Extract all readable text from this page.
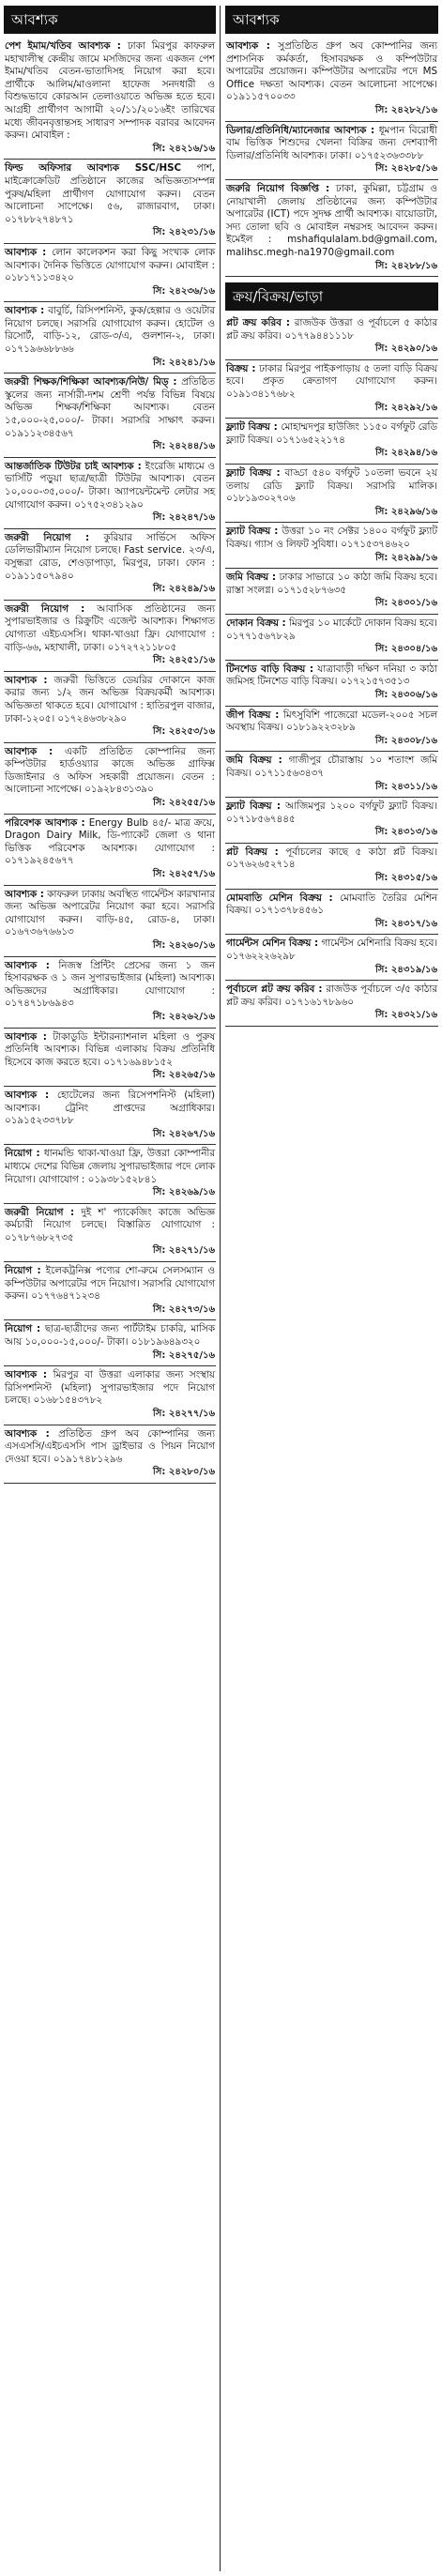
আবশ্যক
পেশ ইমাম/খতিব আবশ্যক : ঢাকা মিরপুর কাফরুল মহাখালীস্থ কেন্দ্রীয় জামে মসজিদের জন্য একজন পেশ ইমাম/খতিব বেতন-ভাতাদিসহ নিয়োগ করা হবে। প্রার্থীকে আলিম/মাওলানা হাফেজ সনদধারী ও বিশুদ্ধভাবে কোরআন তেলাওয়াতে অভিজ্ঞ হতে হবে। আগ্রহী প্রার্থীগণ আগামী ২০/১১/২০১৬ইং তারিখের মধ্যে জীবনবৃত্তান্তসহ সাধারণ সম্পাদক বরাবর আবেদন করুন। মোবাইল :
সি: ২৪২১৬/১৬
ফিল্ড অফিসার আবশ্যক SSC/HSC পাশ, মাইক্রোক্রেডিট প্রতিষ্ঠানে কাজের অভিজ্ঞতাসম্পন্ন পুরুষ/মহিলা প্রার্থীগণ যোগাযোগ করুন। বেতন আলোচনা সাপেক্ষে। ৫৬, রাজারবাগ, ঢাকা। ০১৭৮৮২৭৪৮৭১
সি: ২৪২৩১/১৬
আবশ্যক : লোন কালেকশন করা কিছু সংখ্যক লোক আবশ্যক। দৈনিক ভিত্তিতে যোগাযোগ করুন। মোবাইল : ০১৮১৭১১৩৪২০
সি: ২৪২৩৬/১৬
আবশ্যক : বাবুর্চি, রিসিপশনিস্ট, কুক/হেল্পার ও ওয়েটার নিয়োগ চলছে। সরাসরি যোগাযোগ করুন। হোটেল ও রিসোর্ট, বাড়ি-১২, রোড-৩/এ, গুলশান-২, ঢাকা। ০১৭১৯৬৬৮৮৬৬
সি: ২৪২৪১/১৬
জরুরী শিক্ষক/শিক্ষিকা আবশ্যক/নিউ/ মিড্‌ : প্রতিষ্ঠিত স্কুলের জন্য নার্সারী-দশম শ্রেণী পর্যন্ত বিভিন্ন বিষয়ে অভিজ্ঞ শিক্ষক/শিক্ষিকা আবশ্যক। বেতন ১৫,০০০-২৫,০০০/- টাকা। সরাসরি সাক্ষাৎ করুন। ০১৯১১২৩৪৫৬৭
সি: ২৪২৪৪/১৬
আন্তর্জাতিক টিউটর চাই আবশ্যক : ইংরেজি মাধ্যমে ও ভার্সিটি পড়ুয়া ছাত্র/ছাত্রী টিউটর আবশ্যক। বেতন ১০,০০০-৩৫,০০০/- টাকা। অ্যাপয়েন্টমেন্ট লেটার সহ যোগাযোগ করুন। ০১৭৫২৩৪১২৯০
সি: ২৪২৪৭/১৬
জরুরী নিয়োগ : কুরিয়ার সার্ভিসে অফিস ডেলিভারীম্যান নিয়োগ চলছে। Fast service. ২৩/এ, বসুন্ধরা রোড, শেওড়াপাড়া, মিরপুর, ঢাকা। ফোন : ০১৯১১৫০৭৯৪০
সি: ২৪২৪৯/১৬
জরুরী নিয়োগ : আবাসিক প্রতিষ্ঠানের জন্য সুপারভাইজার ও রিক্রুটিং এজেন্ট আবশ্যক। শিক্ষাগত যোগ্যতা এইচএসসি। থাকা-খাওয়া ফ্রি। যোগাযোগ : বাড়ি-৬৬, মহাখালী, ঢাকা। ০১৭২৭২১১৮০৫
সি: ২৪২৫১/১৬
আবশ্যক : জরুরী ভিত্তিতে ডেয়রির দোকানে কাজ করার জন্য ১/২ জন অভিজ্ঞ বিক্রয়কর্মী আবশ্যক। অভিজ্ঞতা থাকতে হবে। যোগাযোগ : হাতিরপুল বাজার, ঢাকা-১২০৫। ০১৭২৪৬৩৮২৯০
সি: ২৪২৫৩/১৬
আবশ্যক : একটি প্রতিষ্ঠিত কোম্পানির জন্য কম্পিউটার হার্ডওয়্যার কাজে অভিজ্ঞ গ্রাফিক্স ডিজাইনার ও অফিস সহকারী প্রয়োজন। বেতন : আলোচনা সাপেক্ষে। ০১৯২৮৪৩১৩৯০
সি: ২৪২৫৫/১৬
পরিবেশক আবশ্যক : Energy Bulb ৪৫/- মাত্র ক্রয়ে, Dragon Dairy Milk, ডি-প্যাকেট জেলা ও থানা ভিত্তিক পরিবেশক আবশ্যক। যোগাযোগ : ০১৭১৯২৪৫৬৭৭
সি: ২৪২৫৭/১৬
আবশ্যক : কাফরুল ঢাকায় অবস্থিত গার্মেন্টস কারখানার জন্য অভিজ্ঞ অপারেটর নিয়োগ করা হবে। সরাসরি যোগাযোগ করুন। বাড়ি-৪৫, রোড-৪, ঢাকা। ০১৬৭৩৬৭৬৬১৩
সি: ২৪২৬০/১৬
আবশ্যক : নিজস্ব প্রিন্টিং প্রেসের জন্য ১ জন হিসাবরক্ষক ও ১ জন সুপারভাইজার (মহিলা) আবশ্যক। অভিজ্ঞদের অগ্রাধিকার। যোগাযোগ : ০১৭৪৭১৮৬৯৪৩
সি: ২৪২৬২/১৬
আবশ্যক : টাকাডুডি ইন্টারন্যাশনাল মহিলা ও পুরুষ প্রতিনিধি আবশ্যক। বিভিন্ন এলাকায় বিক্রয় প্রতিনিধি হিসেবে কাজ করতে হবে। ০১৭১৬৯৪৮১৫২
সি: ২৪২৬৫/১৬
আবশ্যক : হোটেলের জন্য রিসেপশনিস্ট (মহিলা) আবশ্যক। ট্রেনিং প্রাপ্তদের অগ্রাধিকার। ০১৯১৫২৩৩৭৮৮
সি: ২৪২৬৭/১৬
নিয়োগ : ধানমন্ডি থাকা-খাওয়া ফ্রি, উত্তরা কোম্পানীর মাধ্যমে দেশের বিভিন্ন জেলায় সুপারভাইজার পদে লোক নিয়োগ। যোগাযোগ : ০১৯৩৮১৫২৮৪১
সি: ২৪২৬৯/১৬
জরুরী নিয়োগ : দুই শ' প্যাকেজিং কাজে অভিজ্ঞ কর্মচারী নিয়োগ চলছে। বিস্তারিত যোগাযোগ : ০১৭৮৭৬৮২৭৩৫
সি: ২৪২৭১/১৬
নিয়োগ : ইলেকট্রনিক্স পণ্যের শো-রুমে সেলসম্যান ও কম্পিউটার অপারেটর পদে নিয়োগ। সরাসরি যোগাযোগ করুন। ০১৭৭৬৪৭১২৩৪
সি: ২৪২৭৩/১৬
নিয়োগ : ছাত্র-ছাত্রীদের জন্য পার্টটাইম চাকরি, মাসিক আয় ১০,০০০-১৫,০০০/- টাকা। ০১৮১৯৬৪৯৩২০
সি: ২৪২৭৫/১৬
আবশ্যক : মিরপুর বা উত্তরা এলাকার জন্য সংস্থায় রিসিপশনিস্ট (মহিলা) সুপারভাইজার পদে নিয়োগ চলছে। ০১৬৮১৫৪৩৭৮২
সি: ২৪২৭৭/১৬
আবশ্যক : প্রতিষ্ঠিত গ্রুপ অব কোম্পানির জন্য এসএসসি/এইচএসসি পাস ড্রাইভার ও পিয়ন নিয়োগ দেওয়া হবে। ০১৯১৭৪৮১২৯৬
সি: ২৪২৮০/১৬
আবশ্যক
আবশ্যক : সুপ্রতিষ্ঠিত গ্রুপ অব কোম্পানির জন্য প্রশাসনিক কর্মকর্তা, হিসাবরক্ষক ও কম্পিউটার অপারেটর প্রয়োজন। কম্পিউটার অপারেটর পদে MS Office দক্ষতা আবশ্যক। বেতন আলোচনা সাপেক্ষে। ০১৯১১৫৭০০৩৩
সি: ২৪২৮২/১৬
ডিলার/প্রতিনিধি/ম্যানেজার আবশ্যক : ধূমপান বিরোধী বাম ভিত্তিক শিশুদের খেলনা বিক্রির জন্য দেশব্যাপী ডিলার/প্রতিনিধি আবশ্যক। ঢাকা। ০১৭৫২৩৬৩৩৮৮
সি: ২৪২৮৫/১৬
জরুরি নিয়োগ বিজ্ঞপ্তি : ঢাকা, কুমিল্লা, চট্টগ্রাম ও নোয়াখালী জেলায় প্রতিষ্ঠানের জন্য কম্পিউটার অপারেটর (ICT) পদে সুদক্ষ প্রার্থী আবশ্যক। বায়োডাটা, সদ্য তোলা ছবি ও মোবাইল নম্বরসহ আবেদন করুন। ইমেইল : mshafiqulalam.bd@gmail.com, malihsc.megh-na1970@gmail.com
সি: ২৪২৮৮/১৬
ক্রয়/বিক্রয়/ভাড়া
প্লট ক্রয় করিব : রাজউক উত্তরা ও পূর্বাচলে ৫ কাঠার প্লট ক্রয় করিব। ০১৭৭৯৪৪১১১৮
সি: ২৪২৯০/১৬
বিক্রয় : ঢাকার মিরপুর পাইকপাড়ায় ৫ তলা বাড়ি বিক্রয় হবে। প্রকৃত ক্রেতাগণ যোগাযোগ করুন। ০১৯১৩৪১৭৬৮২
সি: ২৪২৯২/১৬
ফ্ল্যাট বিক্রয় : মোহাম্মদপুর হাউজিং ১১৫০ বর্গফুট রেডি ফ্ল্যাট বিক্রয়। ০১৭১৬৫২২১৭৪
সি: ২৪২৯৪/১৬
ফ্ল্যাট বিক্রয় : বাড্ডা ৫৪০ বর্গফুট ১০তলা ভবনে ২য় তলায় রেডি ফ্ল্যাট বিক্রয়। সরাসরি মালিক। ০১৮১৯৩০২৭০৬
সি: ২৪২৯৬/১৬
ফ্ল্যাট বিক্রয় : উত্তরা ১০ নং সেক্টর ১৪০০ বর্গফুট ফ্ল্যাট বিক্রয়। গ্যাস ও লিফট সুবিধা। ০১৭১৫৩৭৪৬২০
সি: ২৪২৯৯/১৬
জমি বিক্রয় : ঢাকার সাভারে ১০ কাঠা জমি বিক্রয় হবে। রাস্তা সংলগ্ন। ০১৭১৫২৮৭৬৩৫
সি: ২৪৩০১/১৬
দোকান বিক্রয় : মিরপুর ১০ মার্কেটে দোকান বিক্রয় হবে। ০১৭৭১৫৬৭৮২৯
সি: ২৪৩০৪/১৬
টিনশেড বাড়ি বিক্রয় : যাত্রাবাড়ী দক্ষিণ দনিয়া ৩ কাঠা জমিসহ টিনশেড বাড়ি বিক্রয়। ০১৭২১৫৭৩৫১৩
সি: ২৪৩০৬/১৬
জীপ বিক্রয় : মিৎসুবিশি পাজেরো মডেল-২০০৫ সচল অবস্থায় বিক্রয়। ০১৮১৯২২৩২৮৯
সি: ২৪৩০৮/১৬
জমি বিক্রয় : গাজীপুর চৌরাস্তায় ১০ শতাংশ জমি বিক্রয়। ০১৭১১৫৬৩৪৩৭
সি: ২৪৩১১/১৬
ফ্ল্যাট বিক্রয় : আজিমপুর ১২০০ বর্গফুট ফ্ল্যাট বিক্রয়। ০১৭১৮৫৬৭৪৪৫
সি: ২৪৩১৩/১৬
প্লট বিক্রয় : পূর্বাচলের কাছে ৫ কাঠা প্লট বিক্রয়। ০১৭৬২৬৫২৭১৪
সি: ২৪৩১৫/১৬
মোমবাতি মেশিন বিক্রয় : মোমবাতি তৈরির মেশিন বিক্রয়। ০১৭১৩৭৮৪৫৬১
সি: ২৪৩১৭/১৬
গার্মেন্টস মেশিন বিক্রয় : গার্মেন্টস মেশিনারি বিক্রয় হবে। ০১৭৬২২২৬২৯৮
সি: ২৪৩১৯/১৬
পূর্বাচলে প্লট ক্রয় করিব : রাজউক পূর্বাচলে ৩/৫ কাঠার প্লট ক্রয় করিব। ০১৭১৬১৭৮৯৬০
সি: ২৪৩২১/১৬
